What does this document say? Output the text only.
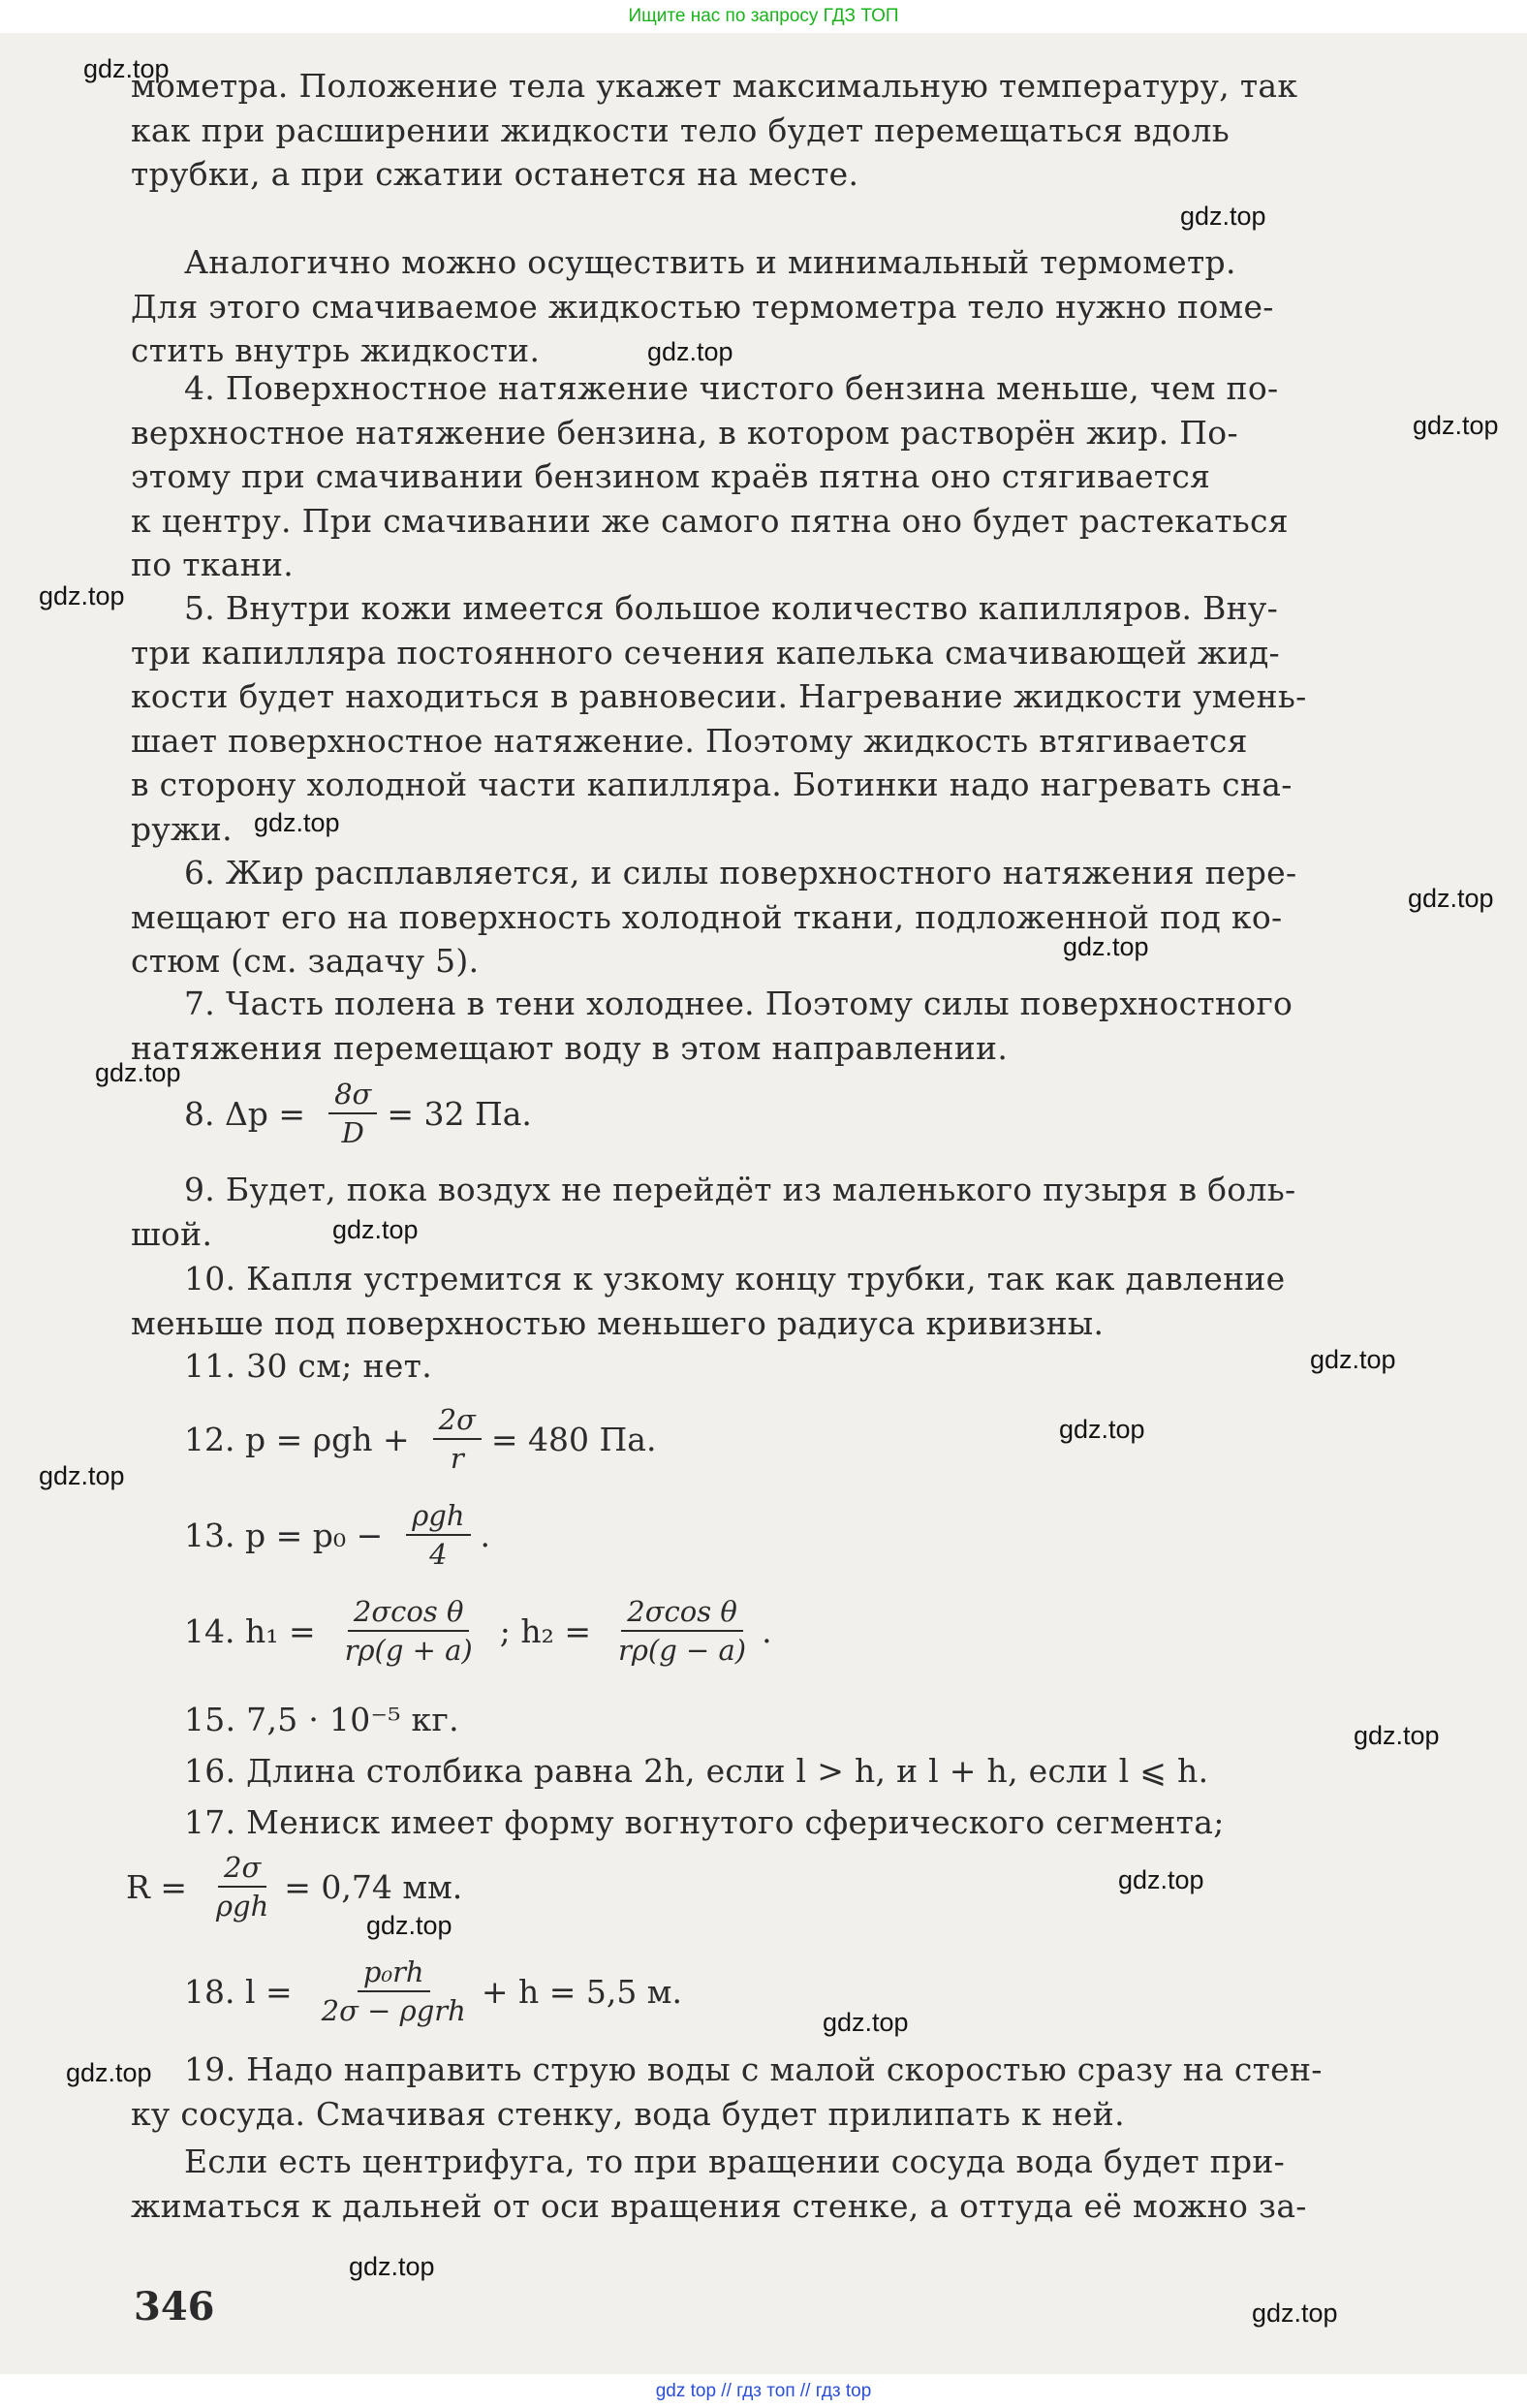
Ищите нас по запросу ГДЗ ТОП
мометра. Положение тела укажет максимальную температуру, так
как при расширении жидкости тело будет перемещаться вдоль
трубки, а при сжатии останется на месте.
Аналогично можно осуществить и минимальный термометр.
Для этого смачиваемое жидкостью термометра тело нужно поме-
стить внутрь жидкости.
4. Поверхностное натяжение чистого бензина меньше, чем по-
верхностное натяжение бензина, в котором растворён жир. По-
этому при смачивании бензином краёв пятна оно стягивается
к центру. При смачивании же самого пятна оно будет растекаться
по ткани.
5. Внутри кожи имеется большое количество капилляров. Вну-
три капилляра постоянного сечения капелька смачивающей жид-
кости будет находиться в равновесии. Нагревание жидкости умень-
шает поверхностное натяжение. Поэтому жидкость втягивается
в сторону холодной части капилляра. Ботинки надо нагревать сна-
ружи.
6. Жир расплавляется, и силы поверхностного натяжения пере-
мещают его на поверхность холодной ткани, подложенной под ко-
стюм (см. задачу 5).
7. Часть полена в тени холоднее. Поэтому силы поверхностного
натяжения перемещают воду в этом направлении.
8. $\Delta p = \frac{8\sigma}{D} = 32$ Па.
9. Будет, пока воздух не перейдёт из маленького пузыря в боль-
шой.
10. Капля устремится к узкому концу трубки, так как давление
меньше под поверхностью меньшего радиуса кривизны.
11. 30 см; нет.
12. $p = \rho gh + \frac{2\sigma}{r} = 480$ Па.
13. $p = p_0 - \frac{\text{ρgh}}{4}$ .
14. $h_1 = \frac{\text{2σcos θ}}{r\rho(g + a)}$ ; $h_2 = \frac{\text{2σcos θ}}{r\rho(g - a)}$ .
15. 7,5 · 10⁻⁵ кг.
16. Длина столбика равна 2h, если l > h, и l + h, если l ⩽ h.
17. Мениск имеет форму вогнутого сферического сегмента;
$R = \frac{2\sigma}{\text{ρgh}} = 0,74$ мм.
18. $l = \frac{\text{p₀rh}}{\text{2σ − ρgrh}} + h = 5,5$ м.
19. Надо направить струю воды с малой скоростью сразу на стен-
ку сосуда. Смачивая стенку, вода будет прилипать к ней.
Если есть центрифуга, то при вращении сосуда вода будет при-
жиматься к дальней от оси вращения стенке, а оттуда её можно за-
346
gdz.top
gdz.top
gdz.top
gdz.top
gdz.top
gdz.top
gdz.top
gdz.top
gdz.top
gdz.top
gdz.top
gdz.top
gdz.top
gdz.top
gdz.top
gdz.top
gdz.top
gdz.top
gdz.top
gdz.top
gdz top // гдз топ // гдз top
